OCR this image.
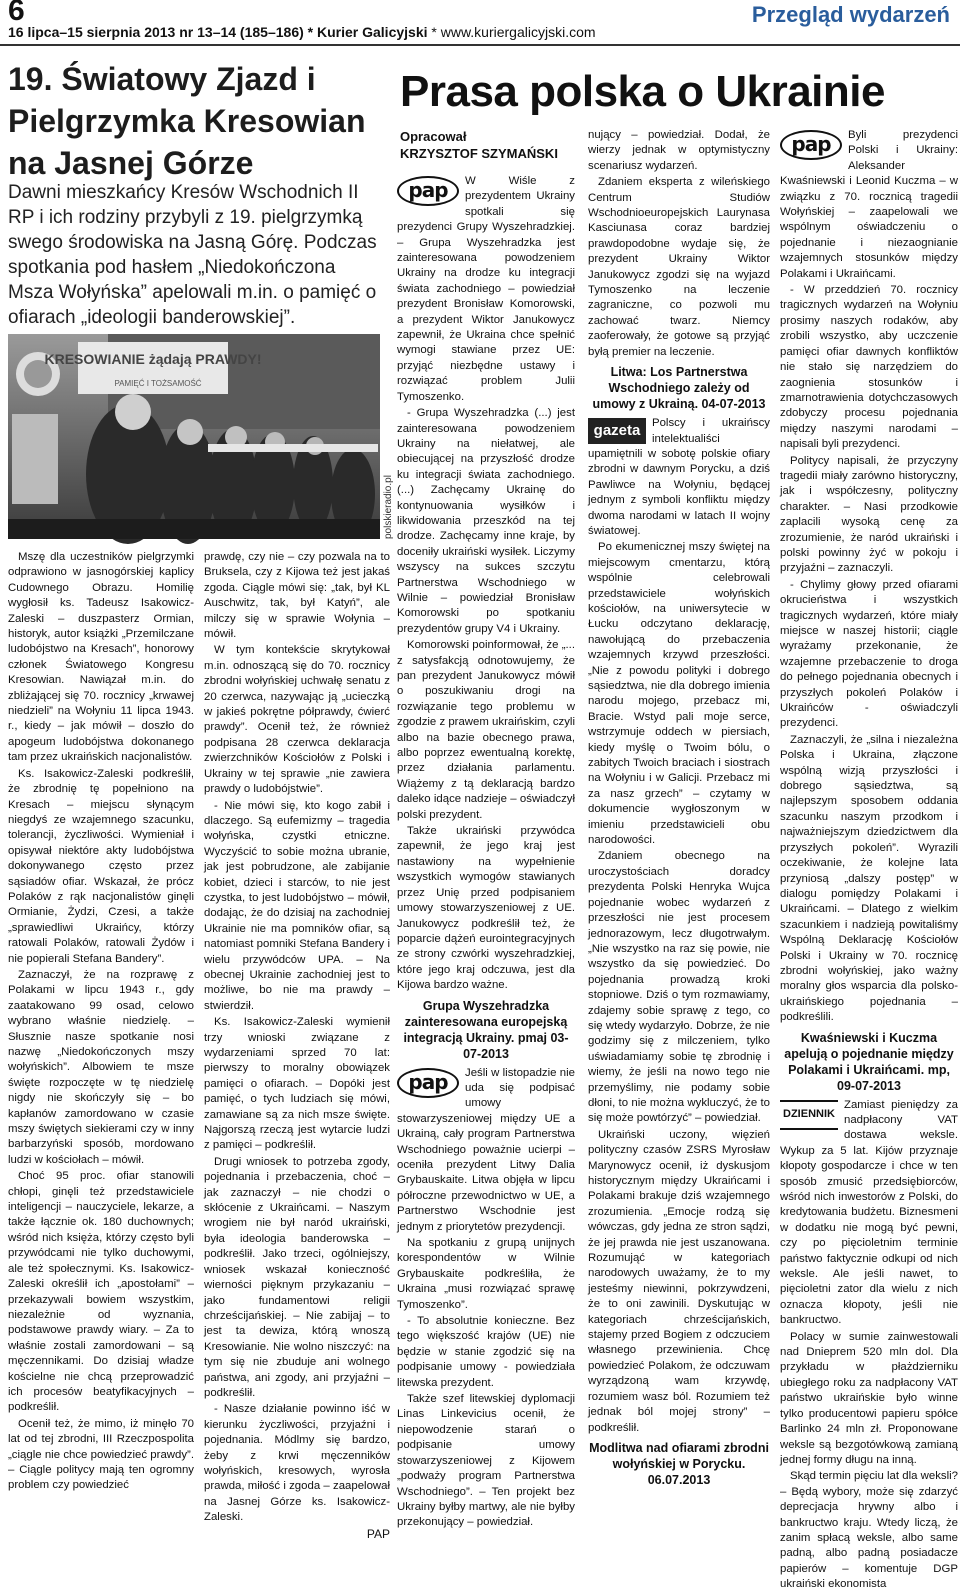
6
16 lipca–15 sierpnia 2013 nr 13–14 (185–186) * Kurier Galicyjski * www.kuriergalicyjski.com
Przegląd wydarzeń
19. Światowy Zjazd i Pielgrzymka Kresowian na Jasnej Górze
Dawni mieszkańcy Kresów Wschodnich II RP i ich rodziny przybyli z 19. pielgrzymką swego środowiska na Jasną Górę. Podczas spotkania pod hasłem „Niedokończona Msza Wołyńska” apelowali m.in. o pamięć o ofiarach „ideologii banderowskiej”.
KRESOWIANIE żądają PRAWDY!
PAMIĘĆ I TOŻSAMOŚĆ
polskieradio.pl

Mszę dla uczestników pielgrzymki odprawiono w jasnogórskiej kaplicy Cudownego Obrazu. Homilię wygłosił ks. Tadeusz Isakowicz-Zaleski – duszpasterz Ormian, historyk, autor książki „Przemilczane ludobójstwo na Kresach”, honorowy członek Światowego Kongresu Kresowian. Nawiązał m.in. do zbliżającej się 70. rocznicy „krwawej niedzieli” na Wołyniu 11 lipca 1943. r., kiedy – jak mówił – doszło do apogeum ludobójstwa dokonanego tam przez ukraińskich nacjonalistów.

Ks. Isakowicz-Zaleski podkreślił, że zbrodnię tę popełniono na Kresach – miejscu słynącym niegdyś ze wzajemnego szacunku, tolerancji, życzliwości. Wymieniał i opisywał niektóre akty ludobójstwa dokonywanego często przez sąsiadów ofiar. Wskazał, że prócz Polaków z rąk nacjonalistów ginęli Ormianie, Żydzi, Czesi, a także „sprawiedliwi Ukraińcy, którzy ratowali Polaków, ratowali Żydów i nie popierali Stefana Bandery”.

Zaznaczył, że na rozprawę z Polakami w lipcu 1943 r., gdy zaatakowano 99 osad, celowo wybrano właśnie niedzielę. – Słusznie nasze spotkanie nosi nazwę „Niedokończonych mszy wołyńskich”. Albowiem te msze święte rozpoczęte w tę niedzielę nigdy nie skończyły się – bo kapłanów zamordowano w czasie mszy świętych siekierami czy w inny barbarzyński sposób, mordowano ludzi w kościołach – mówił.

Choć 95 proc. ofiar stanowili chłopi, ginęli też przedstawiciele inteligencji – nauczyciele, lekarze, a także łącznie ok. 180 duchownych; wśród nich księża, którzy często byli przywódcami nie tylko duchowymi, ale też społecznymi. Ks. Isakowicz-Zaleski określił ich „apostołami” – przekazywali bowiem wszystkim, niezależnie od wyznania, podstawowe prawdy wiary. – Za to właśnie zostali zamordowani – są męczennikami. Do dzisiaj władze kościelne nie chcą przeprowadzić ich procesów beatyfikacyjnych – podkreślił.

Ocenił też, że mimo, iż minęło 70 lat od tej zbrodni, III Rzeczpospolita „ciągle nie chce powiedzieć prawdy”. – Ciągle politycy mają ten ogromny problem czy powiedzieć

prawdę, czy nie – czy pozwala na to Bruksela, czy z Kijowa też jest jakaś zgoda. Ciągle mówi się: „tak, był KL Auschwitz, tak, był Katyń”, ale milczy się w sprawie Wołynia – mówił.

W tym kontekście skrytykował m.in. odnoszącą się do 70. rocznicy zbrodni wołyńskiej uchwałę senatu z 20 czerwca, nazywając ją „ucieczką w jakieś pokrętne półprawdy, ćwierć prawdy”. Ocenił też, że również podpisana 28 czerwca deklaracja zwierzchników Kościołów z Polski i Ukrainy w tej sprawie „nie zawiera prawdy o ludobójstwie”.

- Nie mówi się, kto kogo zabił i dlaczego. Są eufemizmy – tragedia wołyńska, czystki etniczne. Wyczyścić to sobie można ubranie, jak jest pobrudzone, ale zabijanie kobiet, dzieci i starców, to nie jest czystka, to jest ludobójstwo – mówił, dodając, że do dzisiaj na zachodniej Ukrainie nie ma pomników ofiar, są natomiast pomniki Stefana Bandery i wielu przywódców UPA. – Na obecnej Ukrainie zachodniej jest to możliwe, bo nie ma prawdy – stwierdził.

Ks. Isakowicz-Zaleski wymienił trzy wnioski związane z wydarzeniami sprzed 70 lat: pierwszy to moralny obowiązek pamięci o ofiarach. – Dopóki jest pamięć, o tych ludziach się mówi, zamawiane są za nich msze święte. Najgorszą rzeczą jest wytarcie ludzi z pamięci – podkreślił.

Drugi wniosek to potrzeba zgody, pojednania i przebaczenia, choć – jak zaznaczył – nie chodzi o skłócenie z Ukraińcami. – Naszym wrogiem nie był naród ukraiński, była ideologia banderowska – podkreślił. Jako trzeci, ogólniejszy, wniosek wskazał konieczność wierności pięknym przykazaniu – jako fundamentowi religii chrześcijańskiej. – Nie zabijaj – to jest ta dewiza, którą wnoszą Kresowianie. Nie wolno niszczyć: na tym się nie zbuduje ani wolnego państwa, ani zgody, ani przyjaźni – podkreślił.

- Nasze działanie powinno iść w kierunku życzliwości, przyjaźni i pojednania. Módlmy się bardzo, żeby z krwi męczenników wołyńskich, kresowych, wyrosła prawda, miłość i zgoda – zaapelował na Jasnej Górze ks. Isakowicz-Zaleski.

PAP

Prasa polska o Ukrainie
Opracował
KRZYSZTOF SZYMAŃSKI
pap	W Wiśle z prezydentem Ukrainy spotkali się prezydenci Grupy Wyszehradzkiej. – Grupa Wyszehradzka jest zainteresowana powodzeniem Ukrainy na drodze ku integracji świata zachodniego – powiedział prezydent Bronisław Komorowski, a prezydent Wiktor Janukowycz zapewnił, że Ukraina chce spełnić wymogi stawiane przez UE: przyjąć niezbędne ustawy i rozwiązać problem Julii Tymoszenko.

- Grupa Wyszehradzka (...) jest zainteresowana powodzeniem Ukrainy na niełatwej, ale obiecującej na przyszłość drodze ku integracji świata zachodniego. (...) Zachęcamy Ukrainę do kontynuowania wysiłków i likwidowania przeszkód na tej drodze. Zachęcamy inne kraje, by doceniły ukraiński wysiłek. Liczymy wszyscy na sukces szczytu Partnerstwa Wschodniego w Wilnie – powiedział Bronisław Komorowski po spotkaniu prezydentów grupy V4 i Ukrainy.

Komorowski poinformował, że „... z satysfakcją odnotowujemy, że pan prezydent Janukowycz mówił o poszukiwaniu drogi na rozwiązanie tego problemu w zgodzie z prawem ukraińskim, czyli albo na bazie obecnego prawa, albo poprzez ewentualną korektę, przez działania parlamentu. Wiążemy z tą deklaracją bardzo daleko idące nadzieje – oświadczył polski prezydent.

Także ukraiński przywódca zapewnił, że jego kraj jest nastawiony na wypełnienie wszystkich wymogów stawianych przez Unię przed podpisaniem umowy stowarzyszeniowej z UE. Janukowycz podkreślił też, że poparcie dążeń eurointegracyjnych ze strony czwórki wyszehradzkiej, które jego kraj odczuwa, jest dla Kijowa bardzo ważne.

Grupa Wyszehradzka zainteresowana europejską integracją Ukrainy. pmaj 03-07-2013

pap	Jeśli w listopadzie nie uda się podpisać umowy stowarzyszeniowej między UE a Ukrainą, cały program Partnerstwa Wschodniego poważnie ucierpi – oceniła prezydent Litwy Dalia Grybauskaite. Litwa objęła w lipcu półroczne przewodnictwo w UE, a Partnerstwo Wschodnie jest jednym z priorytetów prezydencji.

Na spotkaniu z grupą unijnych korespondentów w Wilnie Grybauskaite podkreśliła, że Ukraina „musi rozwiązać sprawę Tymoszenko”.

- To absolutnie konieczne. Bez tego większość krajów (UE) nie będzie w stanie zgodzić się na podpisanie umowy - powiedziała litewska prezydent.

Także szef litewskiej dyplomacji Linas Linkevicius ocenił, że niepowodzenie starań o podpisanie umowy stowarzyszeniowej z Kijowem „podważy program Partnerstwa Wschodniego”. – Ten projekt bez Ukrainy byłby martwy, ale nie byłby przekonujący – powiedział.

nujący – powiedział. Dodał, że wierzy jednak w optymistyczny scenariusz wydarzeń.

Zdaniem eksperta z wileńskiego Centrum Studiów Wschodnioeuropejskich Laurynasa Kasciunasa coraz bardziej prawdopodobne wydaje się, że prezydent Ukrainy Wiktor Janukowycz zgodzi się na wyjazd Tymoszenko na leczenie zagraniczne, co pozwoli mu zachować twarz. Niemcy zaoferowały, że gotowe są przyjąć byłą premier na leczenie.

Litwa: Los Partnerstwa Wschodniego zależy od umowy z Ukrainą. 04-07-2013

gazeta	Polscy i ukraińscy intelektualiści upamiętnili w sobotę polskie ofiary zbrodni w dawnym Porycku, a dziś Pawliwce na Wołyniu, będącej jednym z symboli konfliktu między dwoma narodami w latach II wojny światowej.

Po ekumenicznej mszy świętej na miejscowym cmentarzu, którą wspólnie celebrowali przedstawiciele wołyńskich kościołów, na uniwersytecie w Łucku odczytano deklarację, nawołującą do przebaczenia wzajemnych krzywd przeszłości. „Nie z powodu polityki i dobrego sąsiedztwa, nie dla dobrego imienia narodu mojego, przebacz mi, Bracie. Wstyd pali moje serce, wstrzymuje oddech w piersiach, kiedy myślę o Twoim bólu, o zabitych Twoich braciach i siostrach na Wołyniu i w Galicji. Przebacz mi za nasz grzech” – czytamy w dokumencie wygłoszonym w imieniu przedstawicieli obu narodowości.

Zdaniem obecnego na uroczystościach doradcy prezydenta Polski Henryka Wujca pojednanie wobec wydarzeń z przeszłości nie jest procesem jednorazowym, lecz długotrwałym. „Nie wszystko na raz się powie, nie wszystko da się powiedzieć. Do pojednania prowadzą kroki stopniowe. Dziś o tym rozmawiamy, zdajemy sobie sprawę z tego, co się wtedy wydarzyło. Dobrze, że nie godzimy się z milczeniem, tylko uświadamiamy sobie tę zbrodnię i wiemy, że jeśli na nowo tego nie przemyślimy, nie podamy sobie dłoni, to nie można wykluczyć, że to się może powtórzyć” – powiedział.

Ukraiński uczony, więzień polityczny czasów ZSRS Myrosław Marynowycz ocenił, iż dyskusjom historycznym między Ukraińcami i Polakami brakuje dziś wzajemnego zrozumienia. „Emocje rodzą się wówczas, gdy jedna ze stron sądzi, że jej prawda nie jest uszanowana. Rozumująć w kategoriach narodowych uważamy, że to my jesteśmy niewinni, pokrzywdzeni, że to oni zawinili. Dyskutując w kategoriach chrześcijańskich, stajemy przed Bogiem z odczuciem własnego przewinienia. Chcę powiedzieć Polakom, że odczuwam wyrządzoną wam krzywdę, rozumiem wasz ból. Rozumiem też jednak ból mojej strony” – podkreślił.

Modlitwa nad ofiarami zbrodni wołyńskiej w Porycku. 06.07.2013

pap	Byli prezydenci Polski i Ukrainy: Aleksander Kwaśniewski i Leonid Kuczma – w związku z 70. rocznicą tragedii Wołyńskiej – zaapelowali we wspólnym oświadczeniu o pojednanie i niezaognianie wzajemnych stosunków między Polakami i Ukraińcami.

- W przeddzień 70. rocznicy tragicznych wydarzeń na Wołyniu prosimy naszych rodaków, aby zrobili wszystko, aby uczczenie pamięci ofiar dawnych konfliktów nie stało się narzędziem do zaognienia stosunków i zmarnotrawienia dotychczasowych zdobyczy procesu pojednania między naszymi narodami – napisali byli prezydenci.

Politycy napisali, że przyczyny tragedii miały zarówno historyczny, jak i współczesny, polityczny charakter. – Nasi przodkowie zaplacili wysoką cenę za zrozumienie, że naród ukraiński i polski powinny żyć w pokoju i przyjaźni – zaznaczyli.

- Chylimy głowy przed ofiarami okrucieństwa i wszystkich tragicznych wydarzeń, które miały miejsce w naszej historii; ciągle wyrażamy przekonanie, że wzajemne przebaczenie to droga do pełnego pojednania obecnych i przyszłych pokoleń Polaków i Ukraińców - oświadczyli prezydenci.

Zaznaczyli, że „silna i niezależna Polska i Ukraina, złączone wspólną wizją przyszłości i dobrego sąsiedztwa, są najlepszym sposobem oddania szacunku naszym przodkom i najważniejszym dziedzictwem dla przyszłych pokoleń”. Wyrazili oczekiwanie, że kolejne lata przyniosą „dalszy postęp” w dialogu pomiędzy Polakami i Ukraińcami. – Dlatego z wielkim szacunkiem i nadzieją powitaliśmy Wspólną Deklarację Kościołów Polski i Ukrainy w 70. rocznicę zbrodni wołyńskiej, jako ważny moralny głos wsparcia dla polsko-ukraińskiego pojednania – podkreślili.

Kwaśniewski i Kuczma apelują o pojednanie między Polakami i Ukraińcami. mp, 09-07-2013

DZIENNIK

Zamiast pieniędzy za nadpłacony VAT dostawa weksle. Wykup za 5 lat. Kijów przyznaje kłopoty gospodarcze i chce w ten sposób zmusić przedsiębiorców, wśród nich inwestorów z Polski, do kredytowania budżetu. Biznesmeni w dodatku nie mogą być pewni, czy po pięcioletnim terminie państwo faktycznie odkupi od nich weksle. Ale jeśli nawet, to pięcioletni zator dla wielu z nich oznacza kłopoty, jeśli nie bankructwo.

Polacy w sumie zainwestowali nad Dnieprem 520 mln dol. Dla przykładu w płażdzierniku ubiegłego roku za nadpłacony VAT państwo ukraińskie było winne tylko producentowi papieru spółce Barlinko 24 mln zł. Proponowane weksle są bezgotówkową zamianą jednej formy długu na inną.

Skąd termin pięciu lat dla weksli? – Będą wybory, może się zdarzyć deprecjacja hrywny albo i bankructwo kraju. Wtedy liczą, że zanim spłacą weksle, albo same padną, albo padną posiadacze papierów – komentuje DGP ukraiński ekonomista
